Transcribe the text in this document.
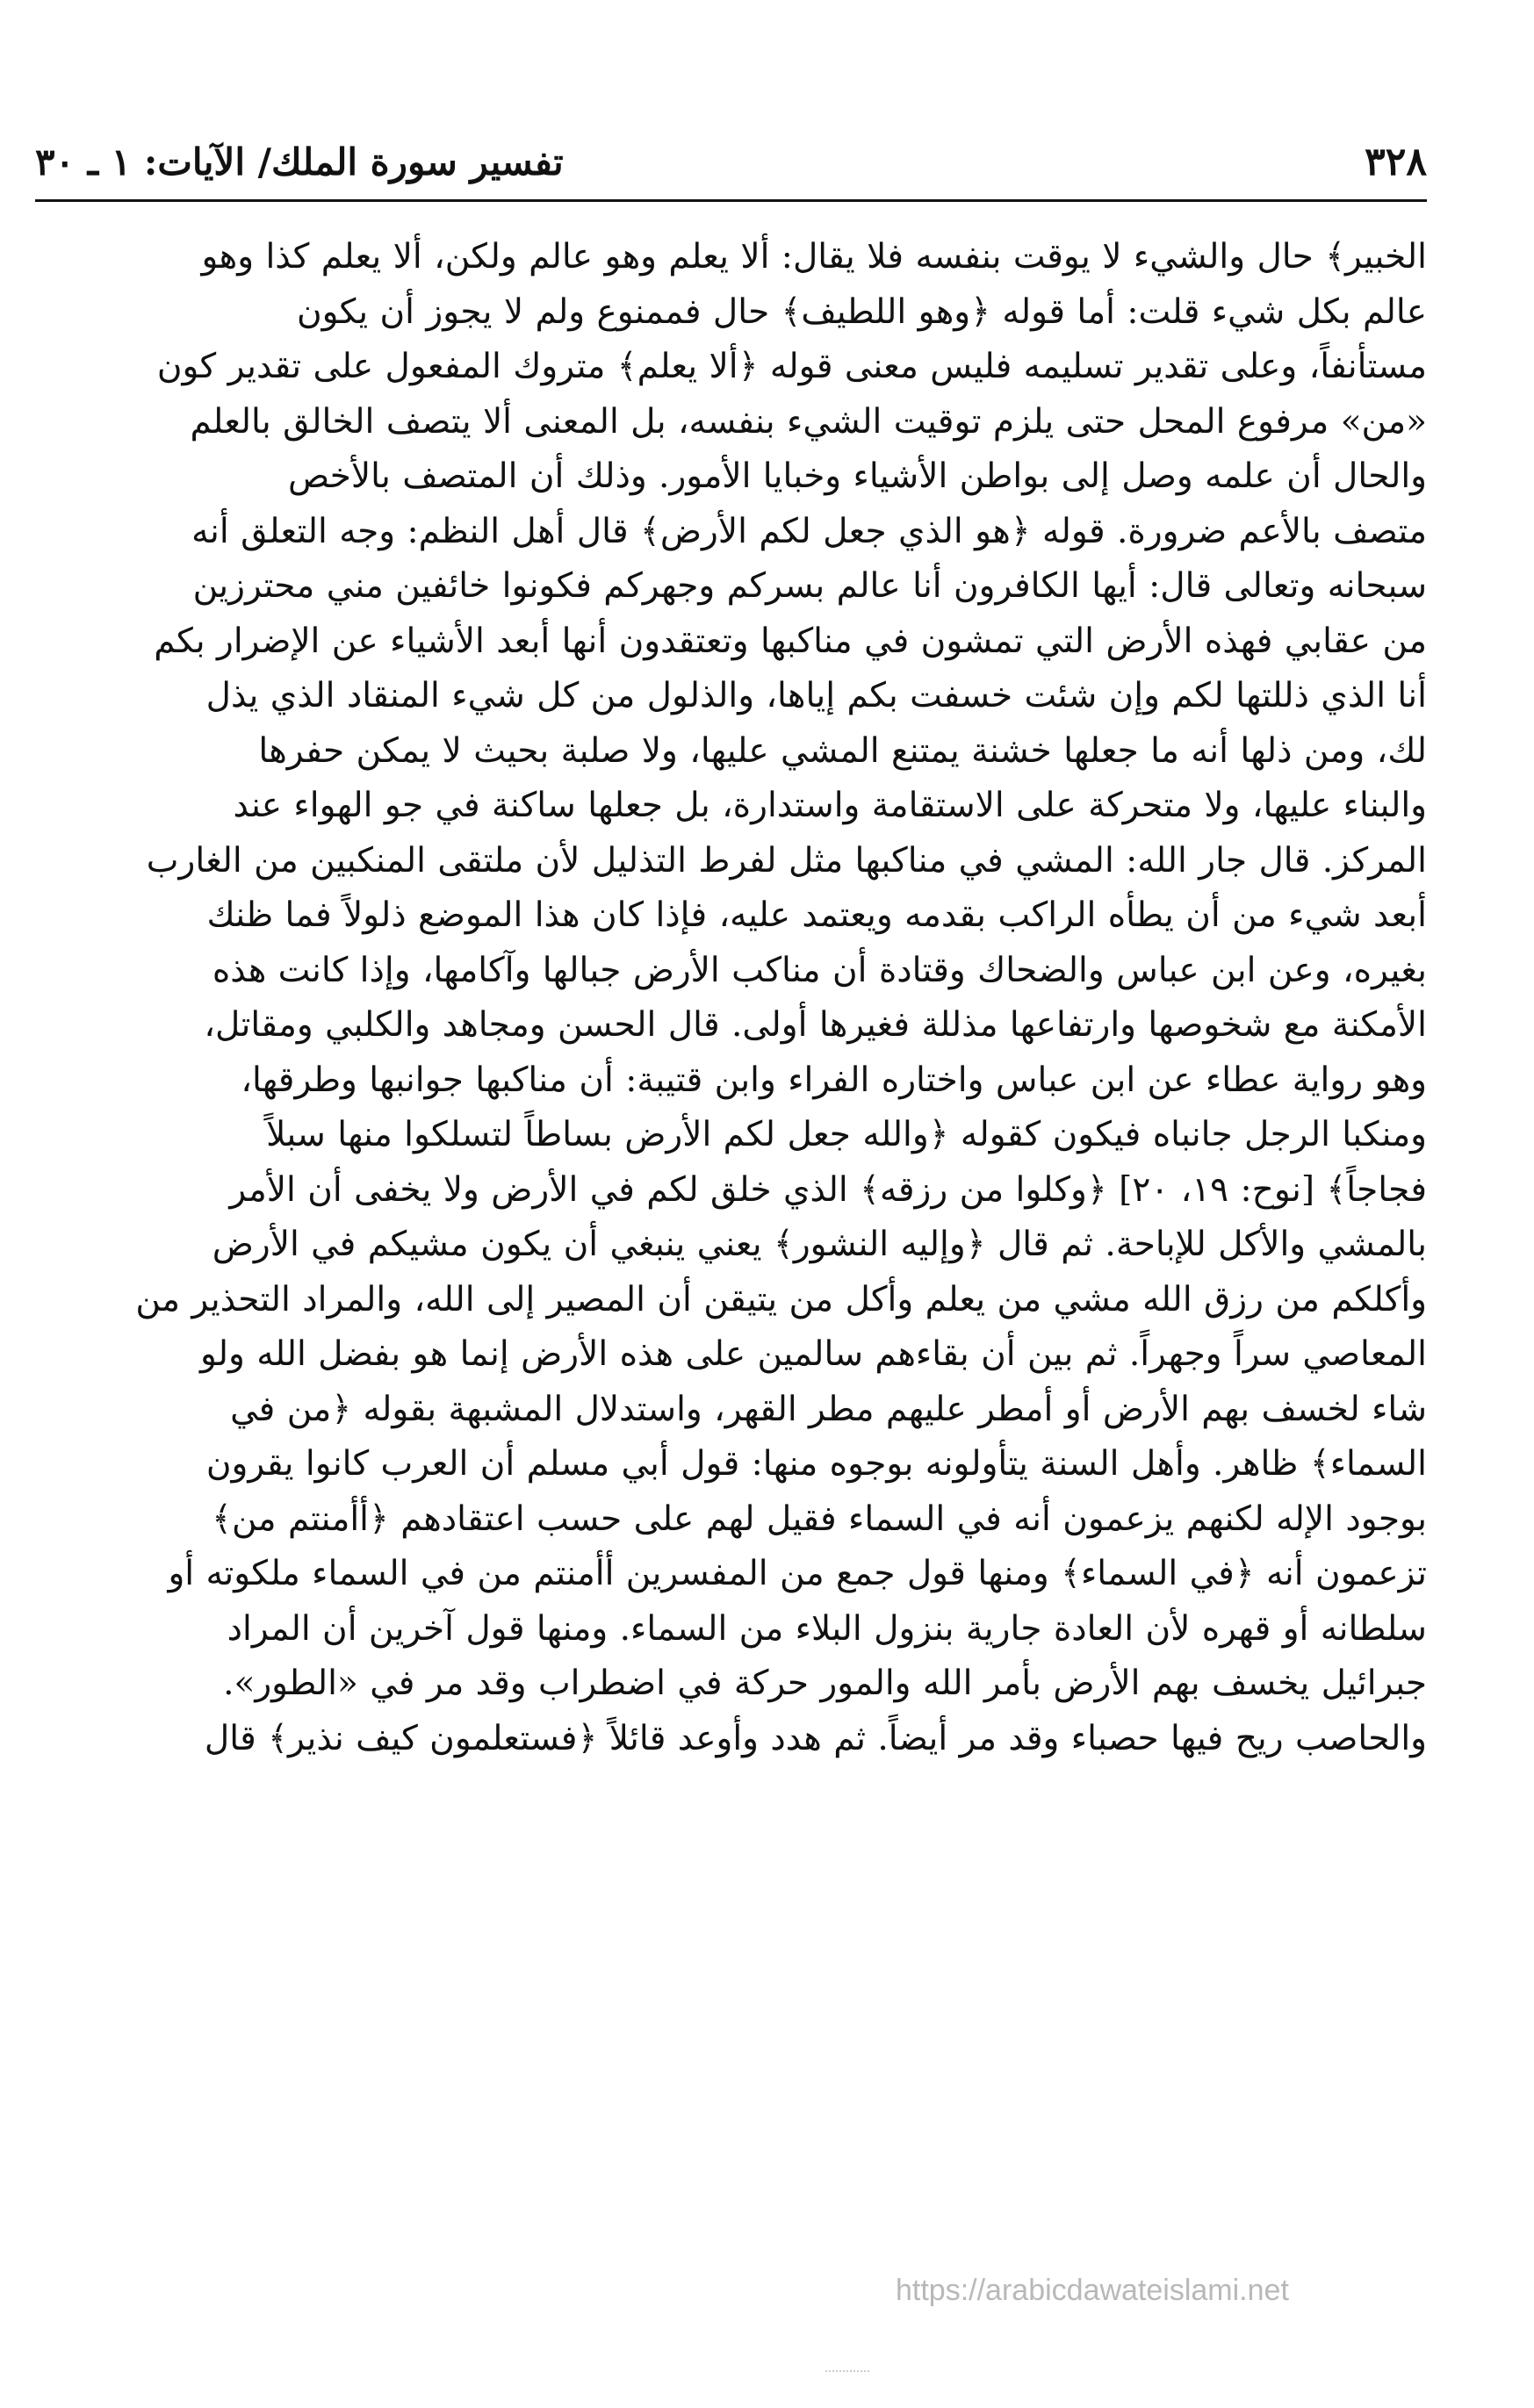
٣٢٨
تفسير سورة الملك/ الآيات: ١ ـ ٣٠
الخبير﴾ حال والشيء لا يوقت بنفسه فلا يقال: ألا يعلم وهو عالم ولكن، ألا يعلم كذا وهو
عالم بكل شيء قلت: أما قوله ﴿وهو اللطيف﴾ حال فممنوع ولم لا يجوز أن يكون
مستأنفاً، وعلى تقدير تسليمه فليس معنى قوله ﴿ألا يعلم﴾ متروك المفعول على تقدير كون
«من» مرفوع المحل حتى يلزم توقيت الشيء بنفسه، بل المعنى ألا يتصف الخالق بالعلم
والحال أن علمه وصل إلى بواطن الأشياء وخبايا الأمور. وذلك أن المتصف بالأخص
متصف بالأعم ضرورة. قوله ﴿هو الذي جعل لكم الأرض﴾ قال أهل النظم: وجه التعلق أنه
سبحانه وتعالى قال: أيها الكافرون أنا عالم بسركم وجهركم فكونوا خائفين مني محترزين
من عقابي فهذه الأرض التي تمشون في مناكبها وتعتقدون أنها أبعد الأشياء عن الإضرار بكم
أنا الذي ذللتها لكم وإن شئت خسفت بكم إياها، والذلول من كل شيء المنقاد الذي يذل
لك، ومن ذلها أنه ما جعلها خشنة يمتنع المشي عليها، ولا صلبة بحيث لا يمكن حفرها
والبناء عليها، ولا متحركة على الاستقامة واستدارة، بل جعلها ساكنة في جو الهواء عند
المركز. قال جار الله: المشي في مناكبها مثل لفرط التذليل لأن ملتقى المنكبين من الغارب
أبعد شيء من أن يطأه الراكب بقدمه ويعتمد عليه، فإذا كان هذا الموضع ذلولاً فما ظنك
بغيره، وعن ابن عباس والضحاك وقتادة أن مناكب الأرض جبالها وآكامها، وإذا كانت هذه
الأمكنة مع شخوصها وارتفاعها مذللة فغيرها أولى. قال الحسن ومجاهد والكلبي ومقاتل،
وهو رواية عطاء عن ابن عباس واختاره الفراء وابن قتيبة: أن مناكبها جوانبها وطرقها،
ومنكبا الرجل جانباه فيكون كقوله ﴿والله جعل لكم الأرض بساطاً لتسلكوا منها سبلاً
فجاجاً﴾ [نوح: ١٩، ٢٠] ﴿وكلوا من رزقه﴾ الذي خلق لكم في الأرض ولا يخفى أن الأمر
بالمشي والأكل للإباحة. ثم قال ﴿وإليه النشور﴾ يعني ينبغي أن يكون مشيكم في الأرض
وأكلكم من رزق الله مشي من يعلم وأكل من يتيقن أن المصير إلى الله، والمراد التحذير من
المعاصي سراً وجهراً. ثم بين أن بقاءهم سالمين على هذه الأرض إنما هو بفضل الله ولو
شاء لخسف بهم الأرض أو أمطر عليهم مطر القهر، واستدلال المشبهة بقوله ﴿من في
السماء﴾ ظاهر. وأهل السنة يتأولونه بوجوه منها: قول أبي مسلم أن العرب كانوا يقرون
بوجود الإله لكنهم يزعمون أنه في السماء فقيل لهم على حسب اعتقادهم ﴿أأمنتم من﴾
تزعمون أنه ﴿في السماء﴾ ومنها قول جمع من المفسرين أأمنتم من في السماء ملكوته أو
سلطانه أو قهره لأن العادة جارية بنزول البلاء من السماء. ومنها قول آخرين أن المراد
جبرائيل يخسف بهم الأرض بأمر الله والمور حركة في اضطراب وقد مر في «الطور».
والحاصب ريح فيها حصباء وقد مر أيضاً. ثم هدد وأوعد قائلاً ﴿فستعلمون كيف نذير﴾ قال
https://arabicdawateislami.net
